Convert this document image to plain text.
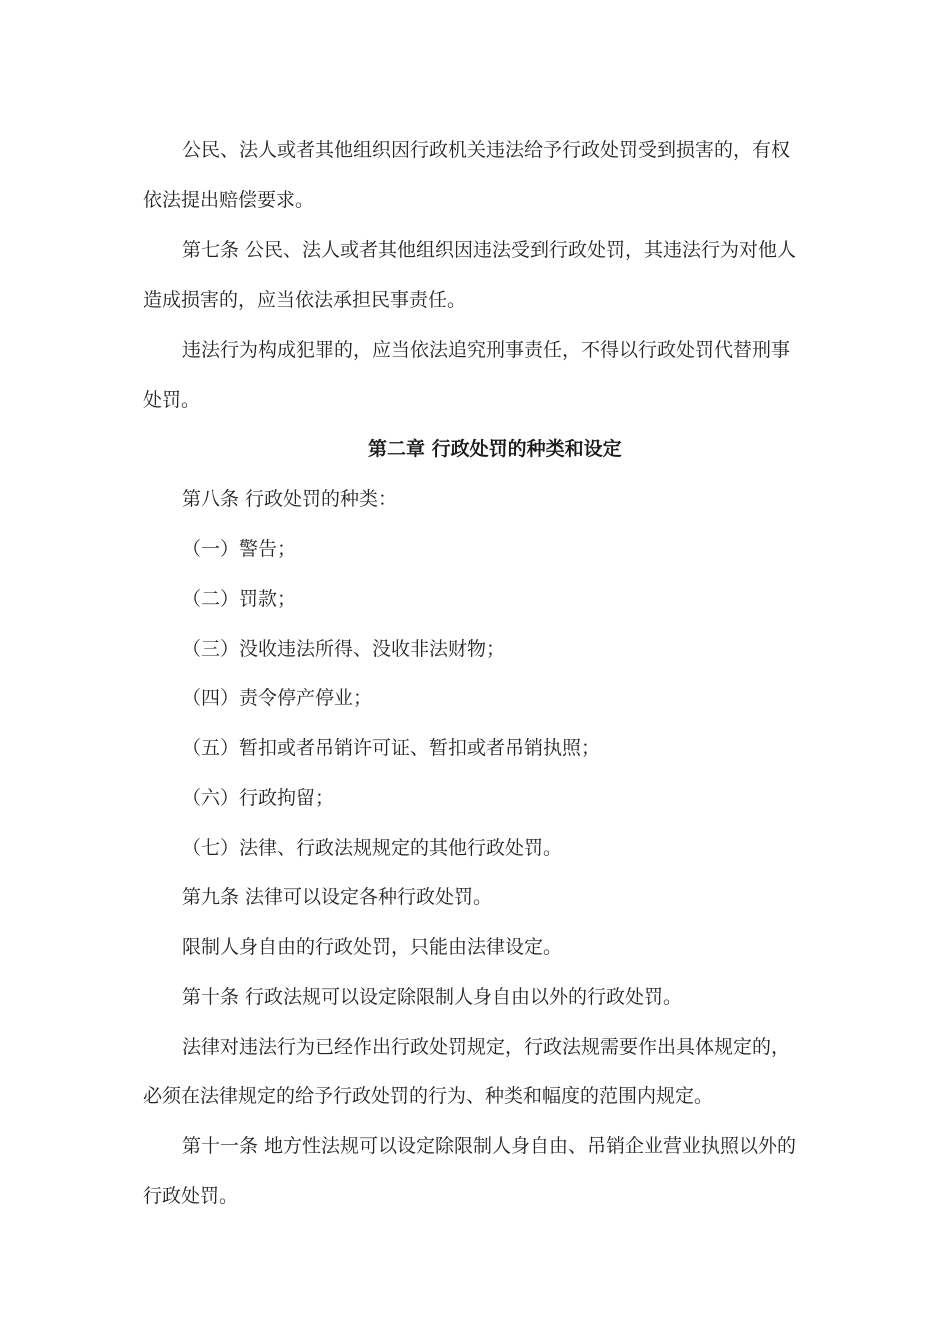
公民、法人或者其他组织因行政机关违法给予行政处罚受到损害的，有权
依法提出赔偿要求。
第七条 公民、法人或者其他组织因违法受到行政处罚，其违法行为对他人
造成损害的，应当依法承担民事责任。
违法行为构成犯罪的，应当依法追究刑事责任，不得以行政处罚代替刑事
处罚。
第二章 行政处罚的种类和设定
第八条 行政处罚的种类：
（一）警告；
（二）罚款；
（三）没收违法所得、没收非法财物；
（四）责令停产停业；
（五）暂扣或者吊销许可证、暂扣或者吊销执照；
（六）行政拘留；
（七）法律、行政法规规定的其他行政处罚。
第九条 法律可以设定各种行政处罚。
限制人身自由的行政处罚，只能由法律设定。
第十条 行政法规可以设定除限制人身自由以外的行政处罚。
法律对违法行为已经作出行政处罚规定，行政法规需要作出具体规定的，
必须在法律规定的给予行政处罚的行为、种类和幅度的范围内规定。
第十一条 地方性法规可以设定除限制人身自由、吊销企业营业执照以外的
行政处罚。
